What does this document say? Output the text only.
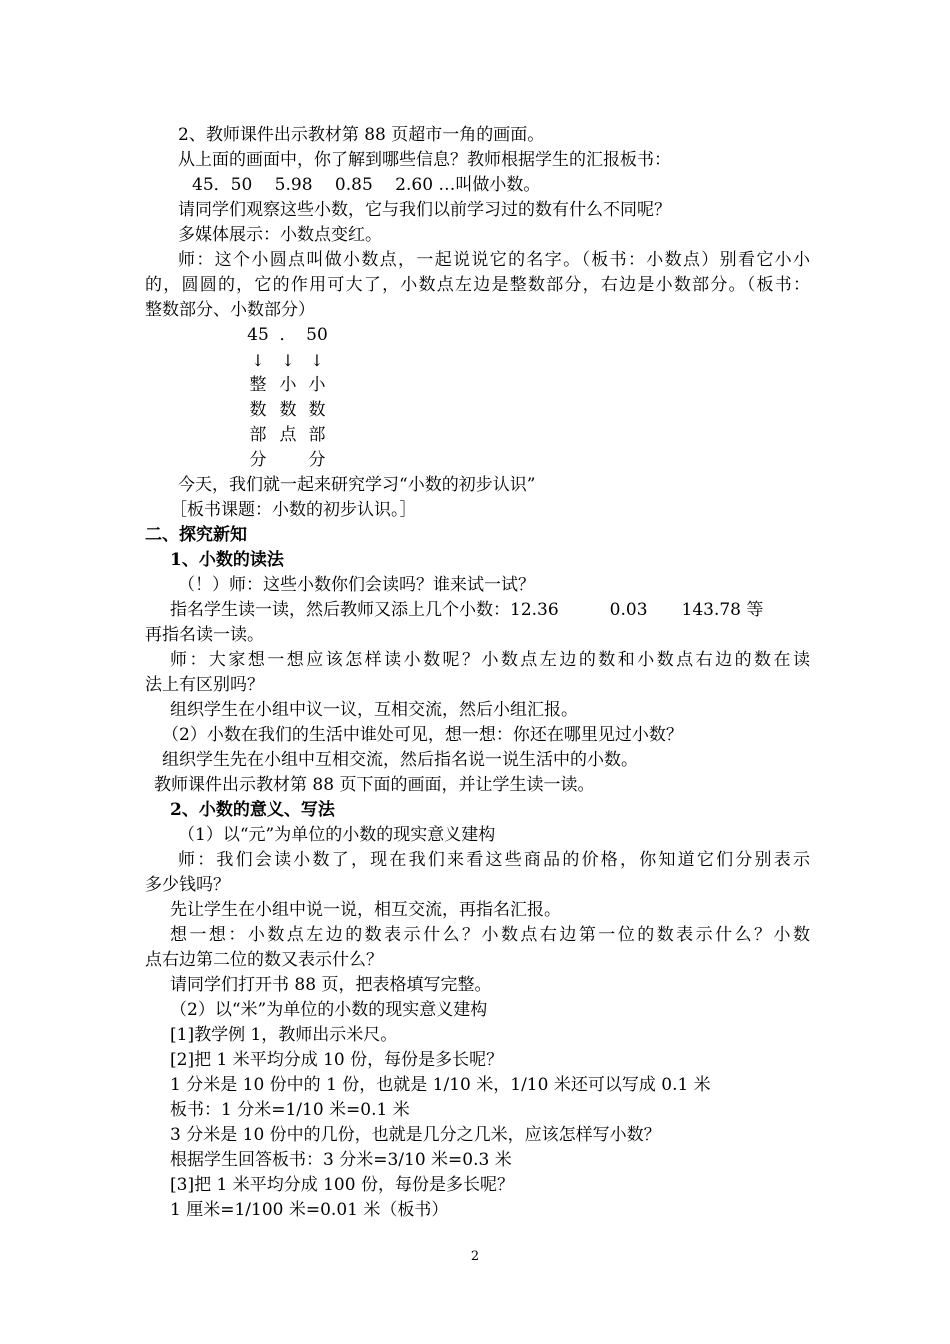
2、教师课件出示教材第 88 页超市一角的画面。
从上面的画面中，你了解到哪些信息？教师根据学生的汇报板书：
45．50　 5.98　 0.85　 2.60 …叫做小数。
请同学们观察这些小数，它与我们以前学习过的数有什么不同呢？
多媒体展示：小数点变红。
师：这个小圆点叫做小数点，一起说说它的名字。（板书：小数点）别看它小小
的，圆圆的，它的作用可大了，小数点左边是整数部分，右边是小数部分。（板书：
整数部分、小数部分）
45 ． 50
↓	↓ ↓
整
数
部
分
小
数
点
小
数
部
分
今天，我们就一起来研究学习“小数的初步认识”
［板书课题：小数的初步认识。］
二、探究新知
1、小数的读法
（！）师：这些小数你们会读吗？谁来试一试？
指名学生读一读，然后教师又添上几个小数：12.36　　　0.03　　143.78 等
再指名读一读。
师：大家想一想应该怎样读小数呢？小数点左边的数和小数点右边的数在读
法上有区别吗？
组织学生在小组中议一议，互相交流，然后小组汇报。
（2）小数在我们的生活中谁处可见，想一想：你还在哪里见过小数？
组织学生先在小组中互相交流，然后指名说一说生活中的小数。
教师课件出示教材第 88 页下面的画面，并让学生读一读。
2、小数的意义、写法
（1）以“元”为单位的小数的现实意义建构
师：我们会读小数了，现在我们来看这些商品的价格，你知道它们分别表示
多少钱吗？
先让学生在小组中说一说，相互交流，再指名汇报。
想一想：小数点左边的数表示什么？小数点右边第一位的数表示什么？小数
点右边第二位的数又表示什么？
请同学们打开书 88 页，把表格填写完整。
（2）以“米”为单位的小数的现实意义建构
[1]教学例 1，教师出示米尺。
[2]把 1 米平均分成 10 份，每份是多长呢？
1 分米是 10 份中的 1 份，也就是 1/10 米，1/10 米还可以写成 0.1 米
板书：1 分米=1/10 米=0.1 米
3 分米是 10 份中的几份，也就是几分之几米，应该怎样写小数？
根据学生回答板书：3 分米=3/10 米=0.3 米
[3]把 1 米平均分成 100 份，每份是多长呢？
1 厘米=1/100 米=0.01 米（板书）
2
